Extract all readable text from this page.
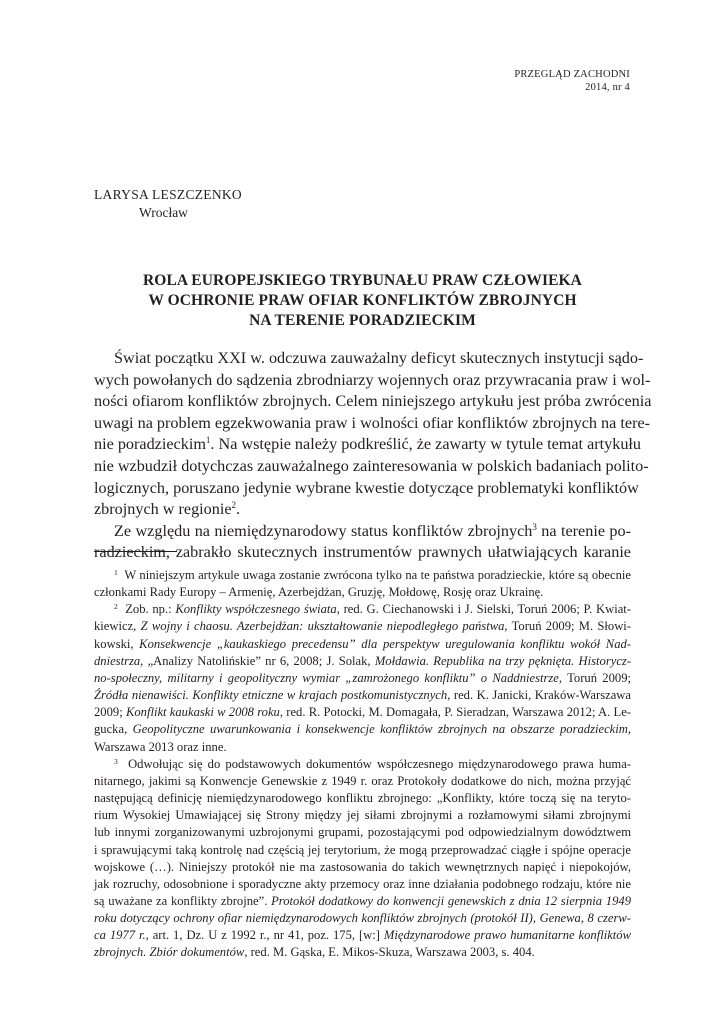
PRZEGLĄD ZACHODNI
2014, nr 4
LARYSA LESZCZENKO
Wrocław
ROLA EUROPEJSKIEGO TRYBUNAŁU PRAW CZŁOWIEKA
W OCHRONIE PRAW OFIAR KONFLIKTÓW ZBROJNYCH
NA TERENIE PORADZIECKIM
Świat początku XXI w. odczuwa zauważalny deficyt skutecznych instytucji sądo-
wych powołanych do sądzenia zbrodniarzy wojennych oraz przywracania praw i wol-
ności ofiarom konfliktów zbrojnych. Celem niniejszego artykułu jest próba zwrócenia
uwagi na problem egzekwowania praw i wolności ofiar konfliktów zbrojnych na tere-
nie poradzieckim$^1$. Na wstępie należy podkreślić, że zawarty w tytule temat artykułu
nie wzbudził dotychczas zauważalnego zainteresowania w polskich badaniach polito-
logicznych, poruszano jedynie wybrane kwestie dotyczące problematyki konfliktów
zbrojnych w regionie$^2$.
Ze względu na niemiędzynarodowy status konfliktów zbrojnych$^3$ na terenie po-
radzieckim, zabrakło skutecznych instrumentów prawnych ułatwiających karanie
$^1$ W niniejszym artykule uwaga zostanie zwrócona tylko na te państwa poradzieckie, które są obecnie
członkami Rady Europy – Armenię, Azerbejdżan, Gruzję, Mołdowę, Rosję oraz Ukrainę.
$^2$ Zob. np.: Konflikty współczesnego świata, red. G. Ciechanowski i J. Sielski, Toruń 2006; P. Kwiat-
kiewicz, Z wojny i chaosu. Azerbejdżan: ukształtowanie niepodległego państwa, Toruń 2009; M. Słowi-
kowski, Konsekwencje „kaukaskiego precedensu” dla perspektyw uregulowania konfliktu wokół Nad-
dniestrza, „Analizy Natolińskie” nr 6, 2008; J. Solak, Mołdawia. Republika na trzy pęknięta. Historycz-
no-społeczny, militarny i geopolityczny wymiar „zamrożonego konfliktu” o Naddniestrze, Toruń 2009;
Źródła nienawiści. Konflikty etniczne w krajach postkomunistycznych, red. K. Janicki, Kraków-Warszawa
2009; Konflikt kaukaski w 2008 roku, red. R. Potocki, M. Domagała, P. Sieradzan, Warszawa 2012; A. Le-
gucka, Geopolityczne uwarunkowania i konsekwencje konfliktów zbrojnych na obszarze poradzieckim,
Warszawa 2013 oraz inne.
$^3$ Odwołując się do podstawowych dokumentów współczesnego międzynarodowego prawa huma-
nitarnego, jakimi są Konwencje Genewskie z 1949 r. oraz Protokoły dodatkowe do nich, można przyjąć
następującą definicję niemiędzynarodowego konfliktu zbrojnego: „Konflikty, które toczą się na teryto-
rium Wysokiej Umawiającej się Strony między jej siłami zbrojnymi a rozłamowymi siłami zbrojnymi
lub innymi zorganizowanymi uzbrojonymi grupami, pozostającymi pod odpowiedzialnym dowództwem
i sprawującymi taką kontrolę nad częścią jej terytorium, że mogą przeprowadzać ciągłe i spójne operacje
wojskowe (…). Niniejszy protokół nie ma zastosowania do takich wewnętrznych napięć i niepokojów,
jak rozruchy, odosobnione i sporadyczne akty przemocy oraz inne działania podobnego rodzaju, które nie
są uważane za konflikty zbrojne”. Protokół dodatkowy do konwencji genewskich z dnia 12 sierpnia 1949
roku dotyczący ochrony ofiar niemiędzynarodowych konfliktów zbrojnych (protokół II), Genewa, 8 czerw-
ca 1977 r., art. 1, Dz. U z 1992 r., nr 41, poz. 175, [w:] Międzynarodowe prawo humanitarne konfliktów
zbrojnych. Zbiór dokumentów, red. M. Gąska, E. Mikos-Skuza, Warszawa 2003, s. 404.
